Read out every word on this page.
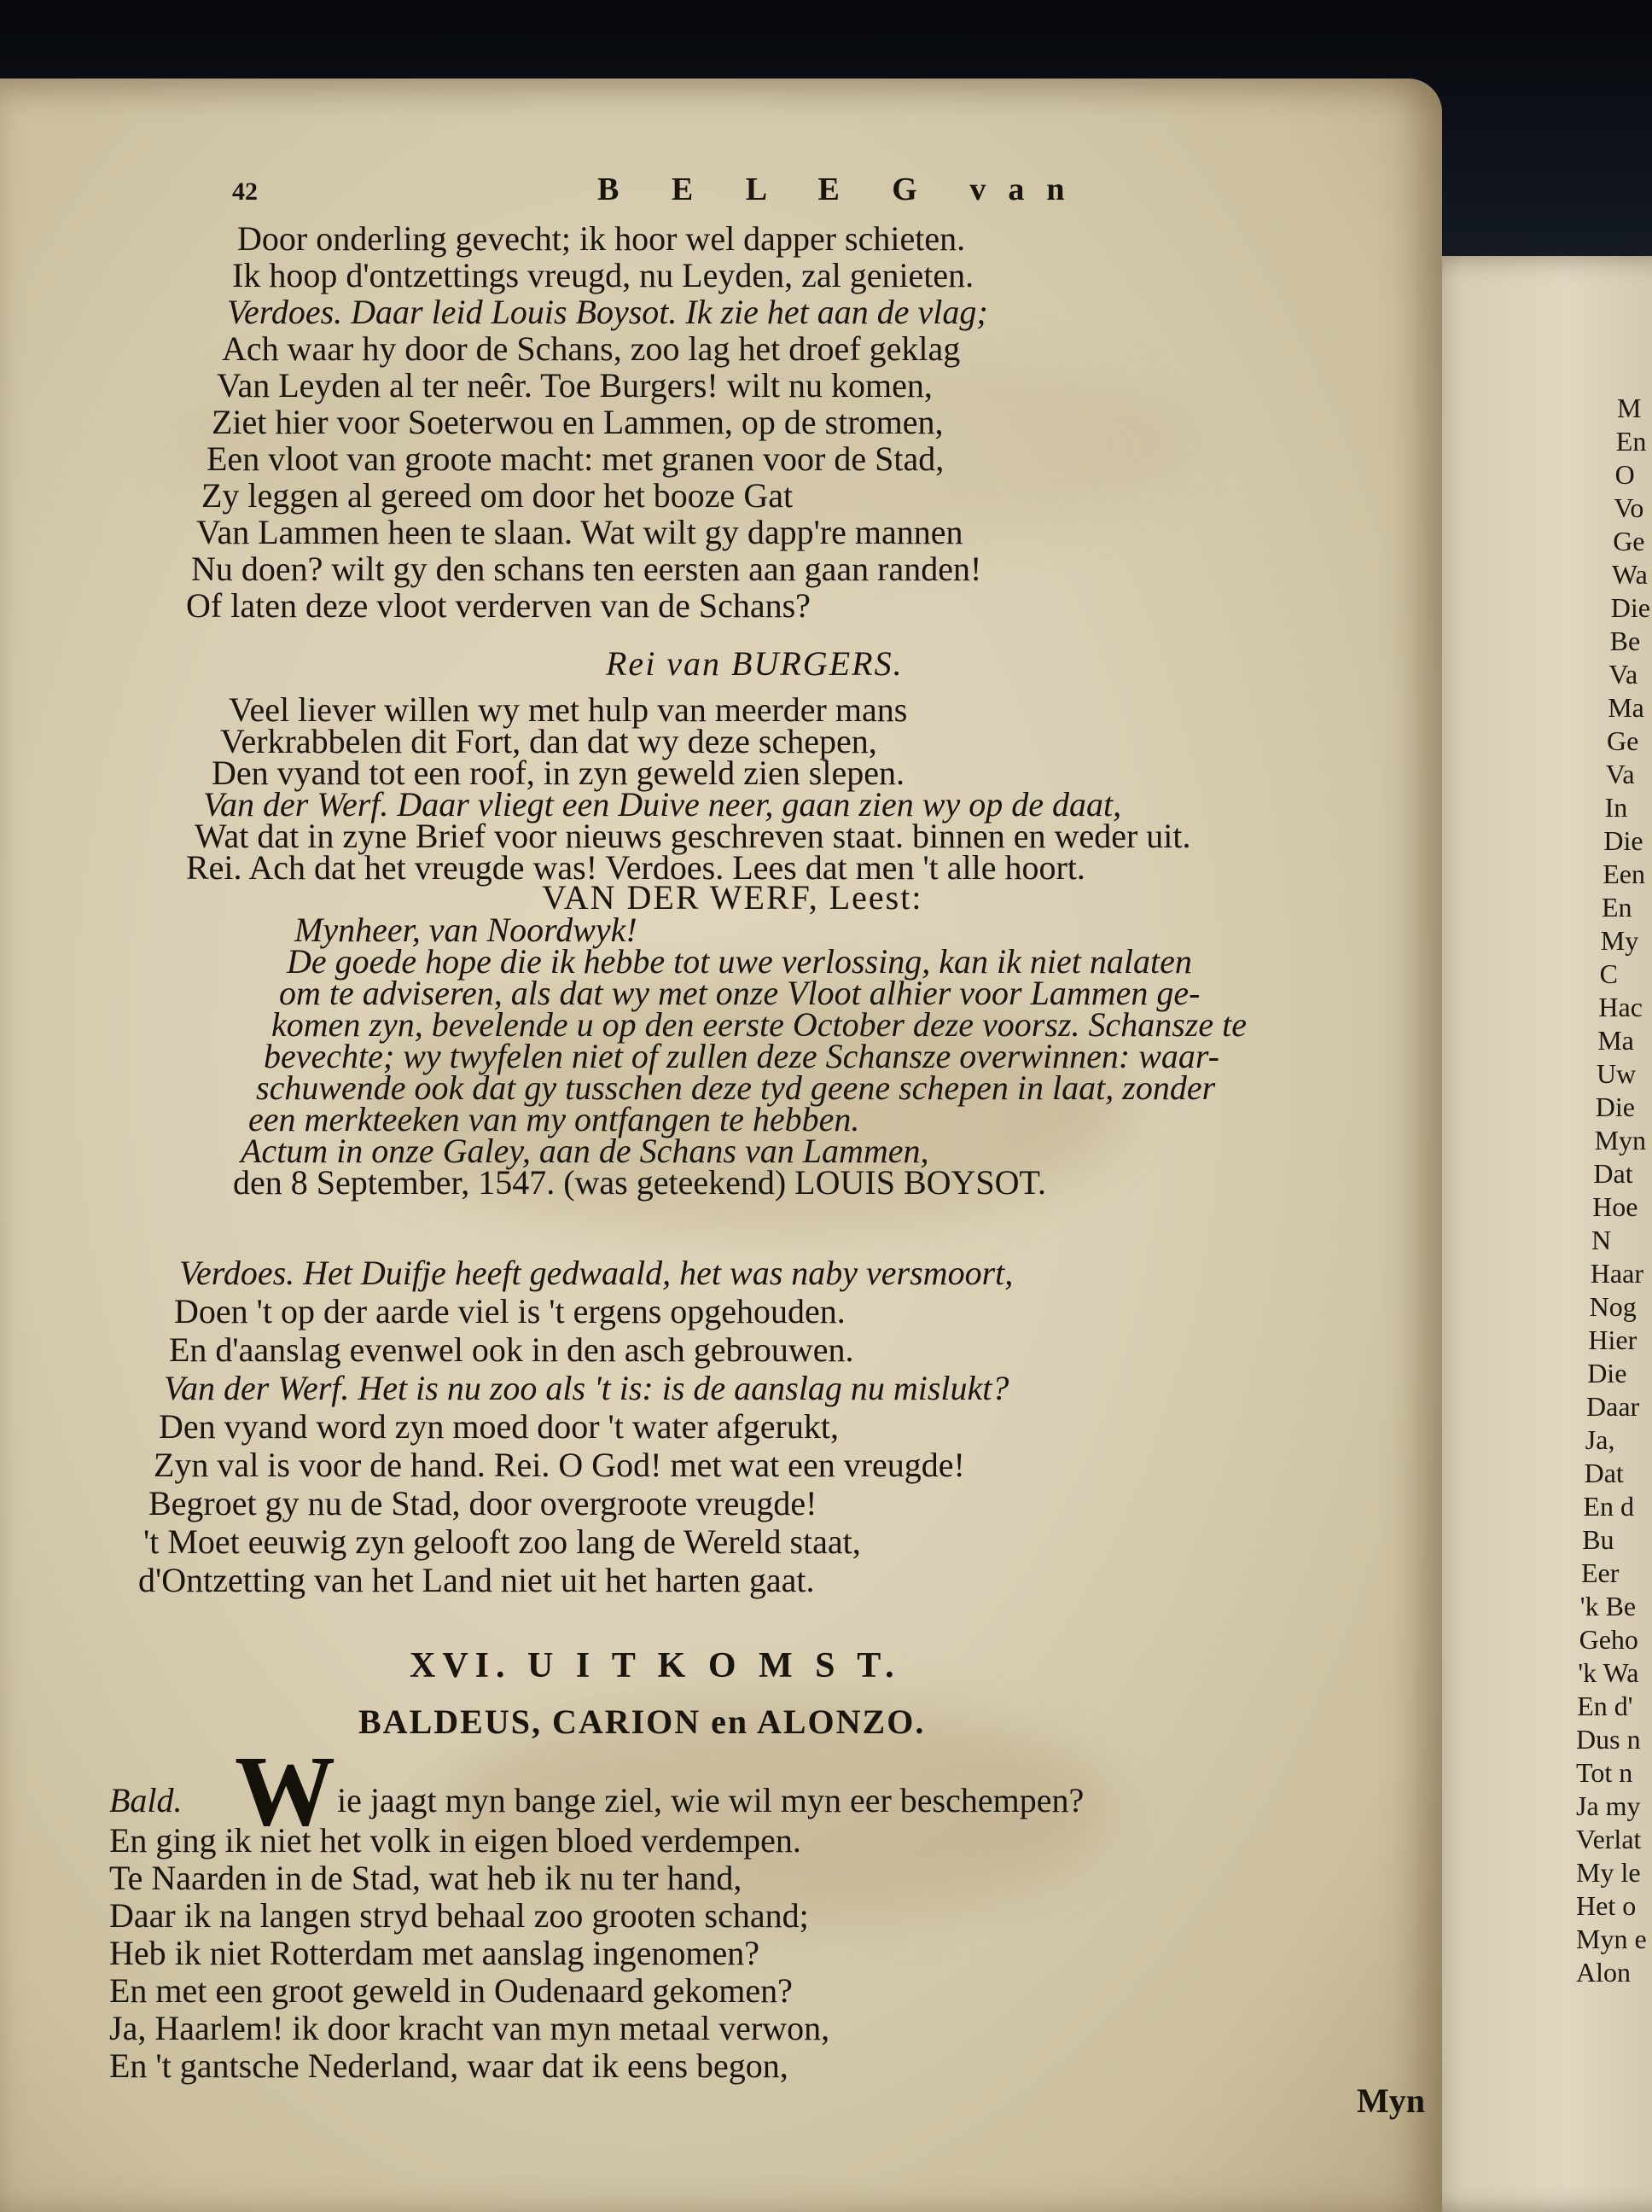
M
En
O
Vo
Ge
Wa
Die
Be
Va
Ma
Ge
Va
In
Die
Een
En
My
C
Hac
Ma
Uw
Die
Myn
Dat
Hoe
N
Haar
Nog
Hier
Die
Daar
Ja,
Dat
En d
Bu
Eer
'k Be
Geho
'k Wa
En d'
Dus n
Tot n
Ja my
Verlat
My le
Het o
Myn e
Alon
42	B E L E G van
Door onderling gevecht; ik hoor wel dapper schieten.
Ik hoop d'ontzettings vreugd, nu Leyden, zal genieten.
Verdoes. Daar leid Louis Boysot. Ik zie het aan de vlag;
Ach waar hy door de Schans, zoo lag het droef geklag
Van Leyden al ter neêr. Toe Burgers! wilt nu komen,
Ziet hier voor Soeterwou en Lammen, op de stromen,
Een vloot van groote macht: met granen voor de Stad,
Zy leggen al gereed om door het booze Gat
Van Lammen heen te slaan. Wat wilt gy dapp're mannen
Nu doen? wilt gy den schans ten eersten aan gaan randen!
Of laten deze vloot verderven van de Schans?
Rei van BURGERS.
Veel liever willen wy met hulp van meerder mans
Verkrabbelen dit Fort, dan dat wy deze schepen,
Den vyand tot een roof, in zyn geweld zien slepen.
Van der Werf. Daar vliegt een Duive neer, gaan zien wy op de daat,
Wat dat in zyne Brief voor nieuws geschreven staat. binnen en weder uit.
Rei. Ach dat het vreugde was! Verdoes. Lees dat men 't alle hoort.
VAN DER WERF, Leest:
Mynheer, van Noordwyk!
De goede hope die ik hebbe tot uwe verlossing, kan ik niet nalaten
om te adviseren, als dat wy met onze Vloot alhier voor Lammen ge-
komen zyn, bevelende u op den eerste October deze voorsz. Schansze te
bevechte; wy twyfelen niet of zullen deze Schansze overwinnen: waar-
schuwende ook dat gy tusschen deze tyd geene schepen in laat, zonder
een merkteeken van my ontfangen te hebben.
Actum in onze Galey, aan de Schans van Lammen,
den 8 September, 1547. (was geteekend) LOUIS BOYSOT.
Verdoes. Het Duifje heeft gedwaald, het was naby versmoort,
Doen 't op der aarde viel is 't ergens opgehouden.
En d'aanslag evenwel ook in den asch gebrouwen.
Van der Werf. Het is nu zoo als 't is: is de aanslag nu mislukt?
Den vyand word zyn moed door 't water afgerukt,
Zyn val is voor de hand. Rei. O God! met wat een vreugde!
Begroet gy nu de Stad, door overgroote vreugde!
't Moet eeuwig zyn gelooft zoo lang de Wereld staat,
d'Ontzetting van het Land niet uit het harten gaat.
XVI. U I T K O M S T.
BALDEUS, CARION en ALONZO.
Bald. W ie jaagt myn bange ziel, wie wil myn eer beschempen?
En ging ik niet het volk in eigen bloed verdempen.
Te Naarden in de Stad, wat heb ik nu ter hand,
Daar ik na langen stryd behaal zoo grooten schand;
Heb ik niet Rotterdam met aanslag ingenomen?
En met een groot geweld in Oudenaard gekomen?
Ja, Haarlem! ik door kracht van myn metaal verwon,
En 't gantsche Nederland, waar dat ik eens begon,
Myn
